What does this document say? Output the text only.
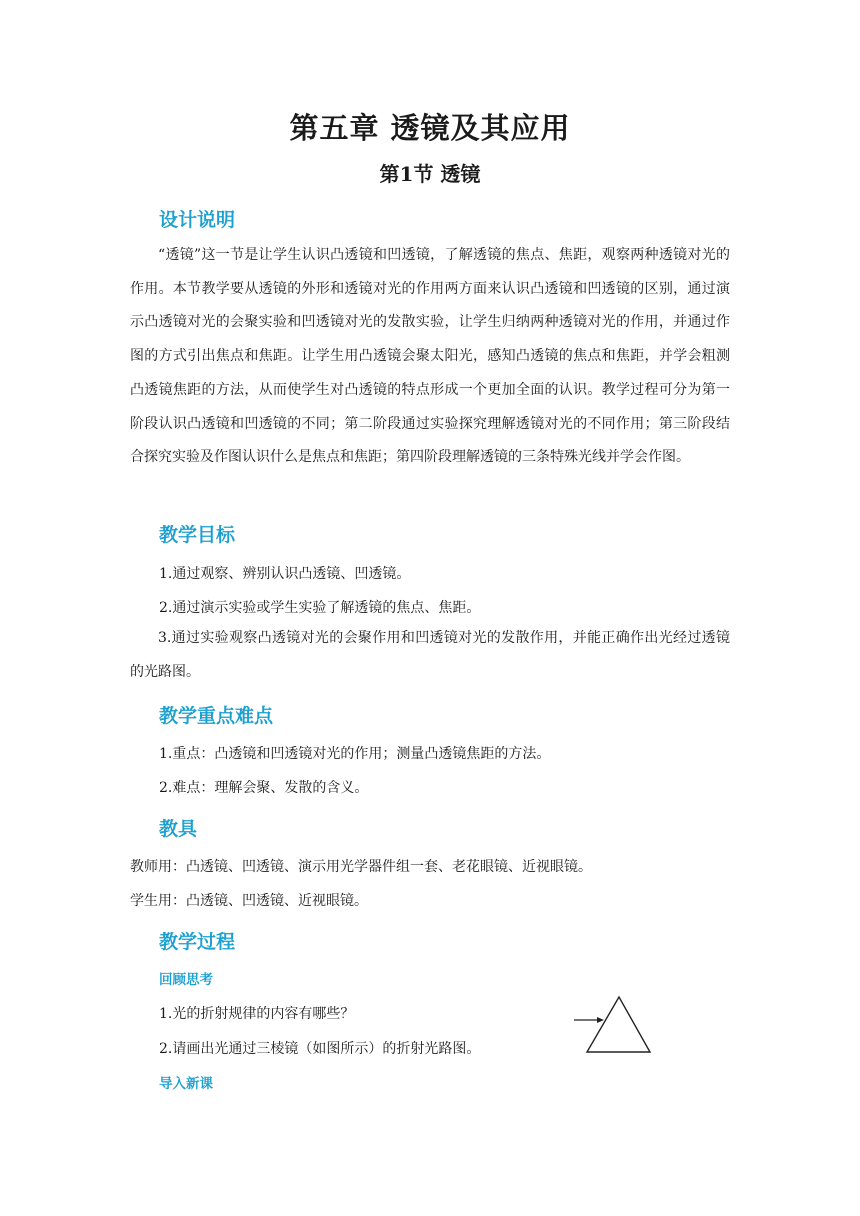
第五章 透镜及其应用
第1节 透镜
设计说明
“透镜”这一节是让学生认识凸透镜和凹透镜，了解透镜的焦点、焦距，观察两种透镜对光的作用。本节教学要从透镜的外形和透镜对光的作用两方面来认识凸透镜和凹透镜的区别，通过演示凸透镜对光的会聚实验和凹透镜对光的发散实验，让学生归纳两种透镜对光的作用，并通过作图的方式引出焦点和焦距。让学生用凸透镜会聚太阳光，感知凸透镜的焦点和焦距，并学会粗测凸透镜焦距的方法，从而使学生对凸透镜的特点形成一个更加全面的认识。教学过程可分为第一阶段认识凸透镜和凹透镜的不同；第二阶段通过实验探究理解透镜对光的不同作用；第三阶段结合探究实验及作图认识什么是焦点和焦距；第四阶段理解透镜的三条特殊光线并学会作图。
教学目标
1.通过观察、辨别认识凸透镜、凹透镜。
2.通过演示实验或学生实验了解透镜的焦点、焦距。
3.通过实验观察凸透镜对光的会聚作用和凹透镜对光的发散作用，并能正确作出光经过透镜的光路图。
教学重点难点
1.重点：凸透镜和凹透镜对光的作用；测量凸透镜焦距的方法。
2.难点：理解会聚、发散的含义。
教具
教师用：凸透镜、凹透镜、演示用光学器件组一套、老花眼镜、近视眼镜。
学生用：凸透镜、凹透镜、近视眼镜。
教学过程
回顾思考
1.光的折射规律的内容有哪些？
2.请画出光通过三棱镜（如图所示）的折射光路图。
导入新课
